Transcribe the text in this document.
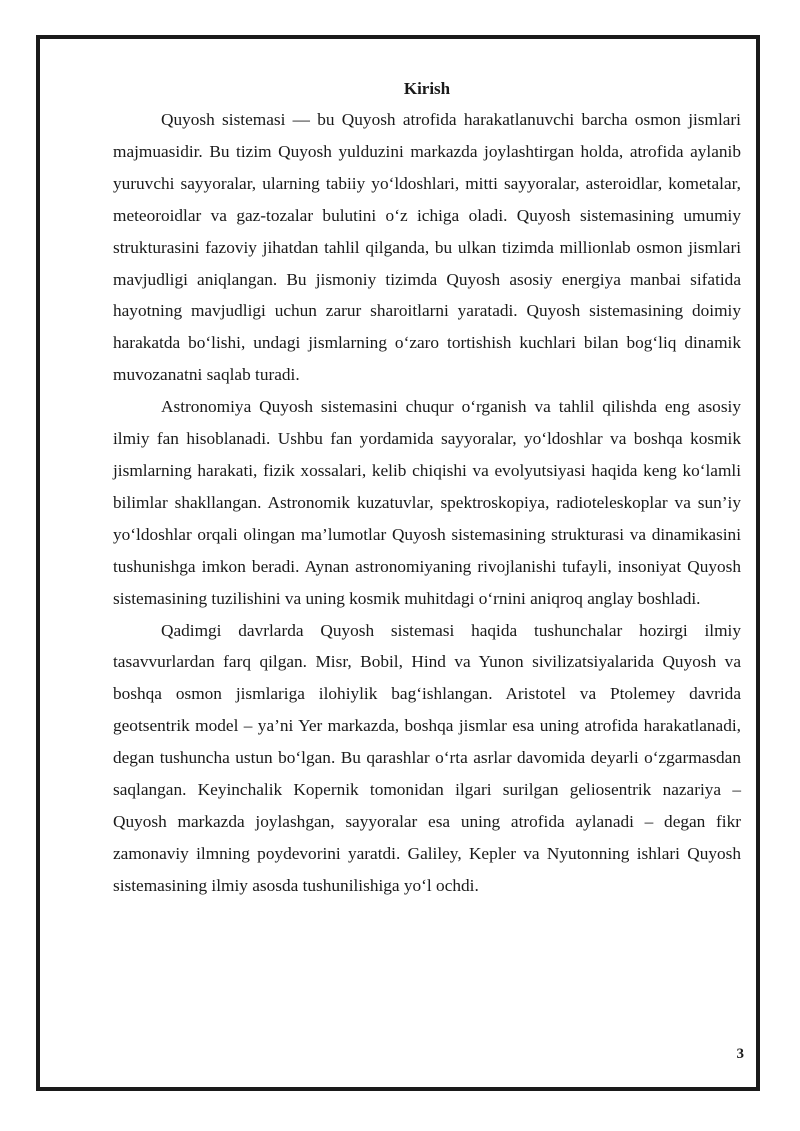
Kirish

Quyosh sistemasi — bu Quyosh atrofida harakatlanuvchi barcha osmon jismlari majmuasidir. Bu tizim Quyosh yulduzini markazda joylashtirgan holda, atrofida aylanib yuruvchi sayyoralar, ularning tabiiy yo‘ldoshlari, mitti sayyoralar, asteroidlar, kometalar, meteoroidlar va gaz-tozalar bulutini o‘z ichiga oladi. Quyosh sistemasining umumiy strukturasini fazoviy jihatdan tahlil qilganda, bu ulkan tizimda millionlab osmon jismlari mavjudligi aniqlangan. Bu jismoniy tizimda Quyosh asosiy energiya manbai sifatida hayotning mavjudligi uchun zarur sharoitlarni yaratadi. Quyosh sistemasining doimiy harakatda bo‘lishi, undagi jismlarning o‘zaro tortishish kuchlari bilan bog‘liq dinamik muvozanatni saqlab turadi.

Astronomiya Quyosh sistemasini chuqur o‘rganish va tahlil qilishda eng asosiy ilmiy fan hisoblanadi. Ushbu fan yordamida sayyoralar, yo‘ldoshlar va boshqa kosmik jismlarning harakati, fizik xossalari, kelib chiqishi va evolyutsiyasi haqida keng ko‘lamli bilimlar shakllangan. Astronomik kuzatuvlar, spektroskopiya, radioteleskoplar va sun’iy yo‘ldoshlar orqali olingan ma’lumotlar Quyosh sistemasining strukturasi va dinamikasini tushunishga imkon beradi. Aynan astronomiyaning rivojlanishi tufayli, insoniyat Quyosh sistemasining tuzilishini va uning kosmik muhitdagi o‘rnini aniqroq anglay boshladi.

Qadimgi davrlarda Quyosh sistemasi haqida tushunchalar hozirgi ilmiy tasavvurlardan farq qilgan. Misr, Bobil, Hind va Yunon sivilizatsiyalarida Quyosh va boshqa osmon jismlariga ilohiylik bag‘ishlangan. Aristotel va Ptolemey davrida geotsentrik model – ya’ni Yer markazda, boshqa jismlar esa uning atrofida harakatlanadi, degan tushuncha ustun bo‘lgan. Bu qarashlar o‘rta asrlar davomida deyarli o‘zgarmasdan saqlangan. Keyinchalik Kopernik tomonidan ilgari surilgan geliosentrik nazariya – Quyosh markazda joylashgan, sayyoralar esa uning atrofida aylanadi – degan fikr zamonaviy ilmning poydevorini yaratdi. Galiley, Kepler va Nyutonning ishlari Quyosh sistemasining ilmiy asosda tushunilishiga yo‘l ochdi.

3
